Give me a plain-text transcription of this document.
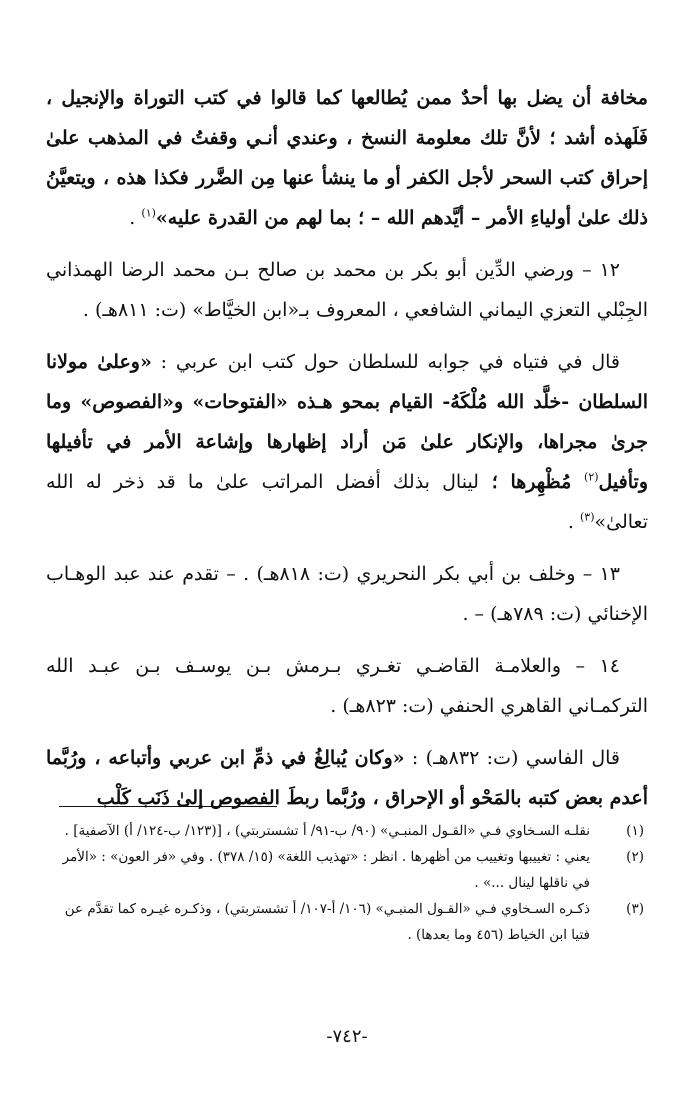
مخافة أن يضل بها أحدٌ ممن يُطالعها كما قالوا في كتب التوراة والإنجيل ، فَلَهذه أشد ؛ لأنَّ تلك معلومة النسخ ، وعندي أنـي وقفتُ في المذهب علىٰ إحراق كتب السحر لأجل الكفر أو ما ينشأ عنها مِن الضَّرر فكذا هذه ، ويتعيَّنُ ذلك علىٰ أولياءِ الأمر – أيَّدهم الله – ؛ بما لهم من القدرة عليه»$^{(١)}$ .

١٢ – ورضي الدِّين أبو بكر بن محمد بن صالح بـن محمد الرضا الهمذاني الجِبْلي التعزي اليماني الشافعي ، المعروف بـ«ابن الخيَّاط» (ت: ٨١١هـ) .

قال في فتياه في جوابه للسلطان حول كتب ابن عربي : «وعلىٰ مولانا السلطان -خلَّد الله مُلْكَهُ- القيام بمحو هـذه «الفتوحات» و«الفصوص» وما جرىٰ مجراها، والإنكار علىٰ مَن أراد إظهارها وإشاعة الأمر في تأفيلها وتأفيل$^{(٢)}$ مُظْهِرها ؛ لينال بذلك أفضل المراتب علىٰ ما قد ذخر له الله تعالىٰ»$^{(٣)}$ .

١٣ – وخلف بن أبي بكر النحريري (ت: ٨١٨هـ) . – تقدم عند عبد الوهـاب الإخنائي (ت: ٧٨٩هـ) – .

١٤ – والعلامـة القاضـي تغـري بـرمش بـن يوسـف بـن عبـد الله التركمـاني القاهري الحنفي (ت: ٨٢٣هـ) .

قال الفاسي (ت: ٨٣٢هـ) : «وكان يُبالِغُ في ذمِّ ابن عربي وأتباعه ، ورُبَّما أعدم بعض كتبه بالمَحْو أو الإحراق ، ورُبَّما ربطَ الفصوص إلىٰ ذَنَب كَلْب

(١)
نقلـه السـخاوي فـي «القـول المنبـي» (٩٠/ ب-٩١/ أ تشستربتي) ، [(١٢٣/ ب-١٢٤/ أ) الآصفية] .
(٢)
يعني : تغييبها وتغييب من أظهرها . انظر : «تهذيب اللغة» (١٥/ ٣٧٨) . وفي «فر العون» : «الأمر في ناقلها لينال ...» .
(٣)
ذكـره السـخاوي فـي «القـول المنبـي» (١٠٦/ أ-١٠٧/ أ تشستربتي) ، وذكـره غيـره كما تقدَّم عن فتيا ابن الخياط (٤٥٦ وما بعدها) .
-٧٤٢-
